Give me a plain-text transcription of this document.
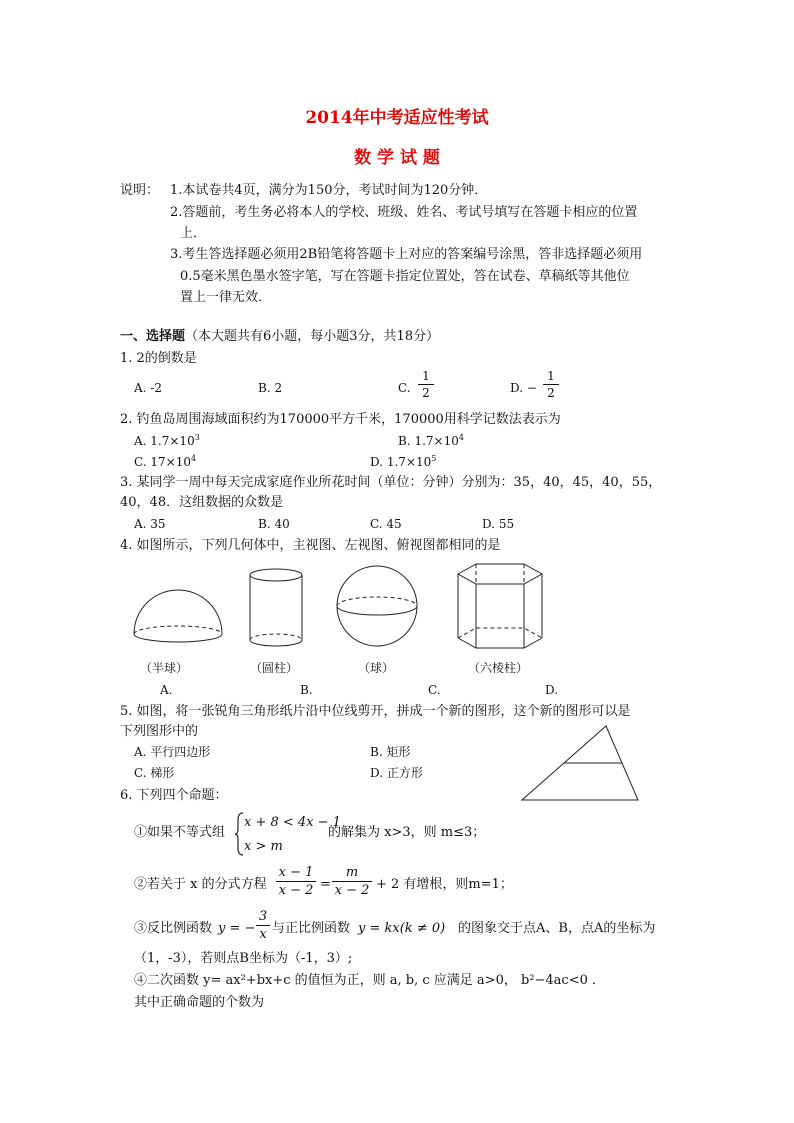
2014年中考适应性考试
数 学 试 题
说明： 1.本试卷共4页，满分为150分，考试时间为120分钟．
2.答题前，考生务必将本人的学校、班级、姓名、考试号填写在答题卡相应的位置
上．
3.考生答选择题必须用2B铅笔将答题卡上对应的答案编号涂黑，答非选择题必须用
0.5毫米黑色墨水签字笔，写在答题卡指定位置处，答在试卷、草稿纸等其他位
置上一律无效．
一、选择题（本大题共有6小题，每小题3分，共18分）
1. 2的倒数是
A. -2	B. 2	C.
1
2	D. −
1
2
2. 钓鱼岛周围海域面积约为170000平方千米，170000用科学记数法表示为
A. $1.7\times 10^3$	B. $1.7\times 10^4$
C. $17\times 10^4$	D. $1.7\times 10^5$
3. 某同学一周中每天完成家庭作业所花时间（单位：分钟）分别为：35，40，45，40，55，
40，48．这组数据的众数是
A. 35	B. 40	C. 45	D. 55
4. 如图所示，下列几何体中，主视图、左视图、俯视图都相同的是
（半球）	（圆柱）	（球）	（六棱柱）
A.	B.	C.	D.
5. 如图，将一张锐角三角形纸片沿中位线剪开，拼成一个新的图形，这个新的图形可以是
下列图形中的
A. 平行四边形	B. 矩形
C. 梯形	D. 正方形
6. 下列四个命题：
①如果不等式组
x + 8 < 4x − 1
x > m
的解集为 x>3，则 m≤3；
②若关于 x 的分式方程
x − 1
x − 2 =
m
x − 2 + 2 有增根，则m=1；
③反比例函数 y = −
3
x 与正比例函数 y = kx(k ≠ 0) 的图象交于点A、B，点A的坐标为
（1，-3），若则点B坐标为（-1，3）;
④二次函数 y= ax²+bx+c 的值恒为正，则 a, b, c 应满足 a>0， b²−4ac<0 ．
其中正确命题的个数为
